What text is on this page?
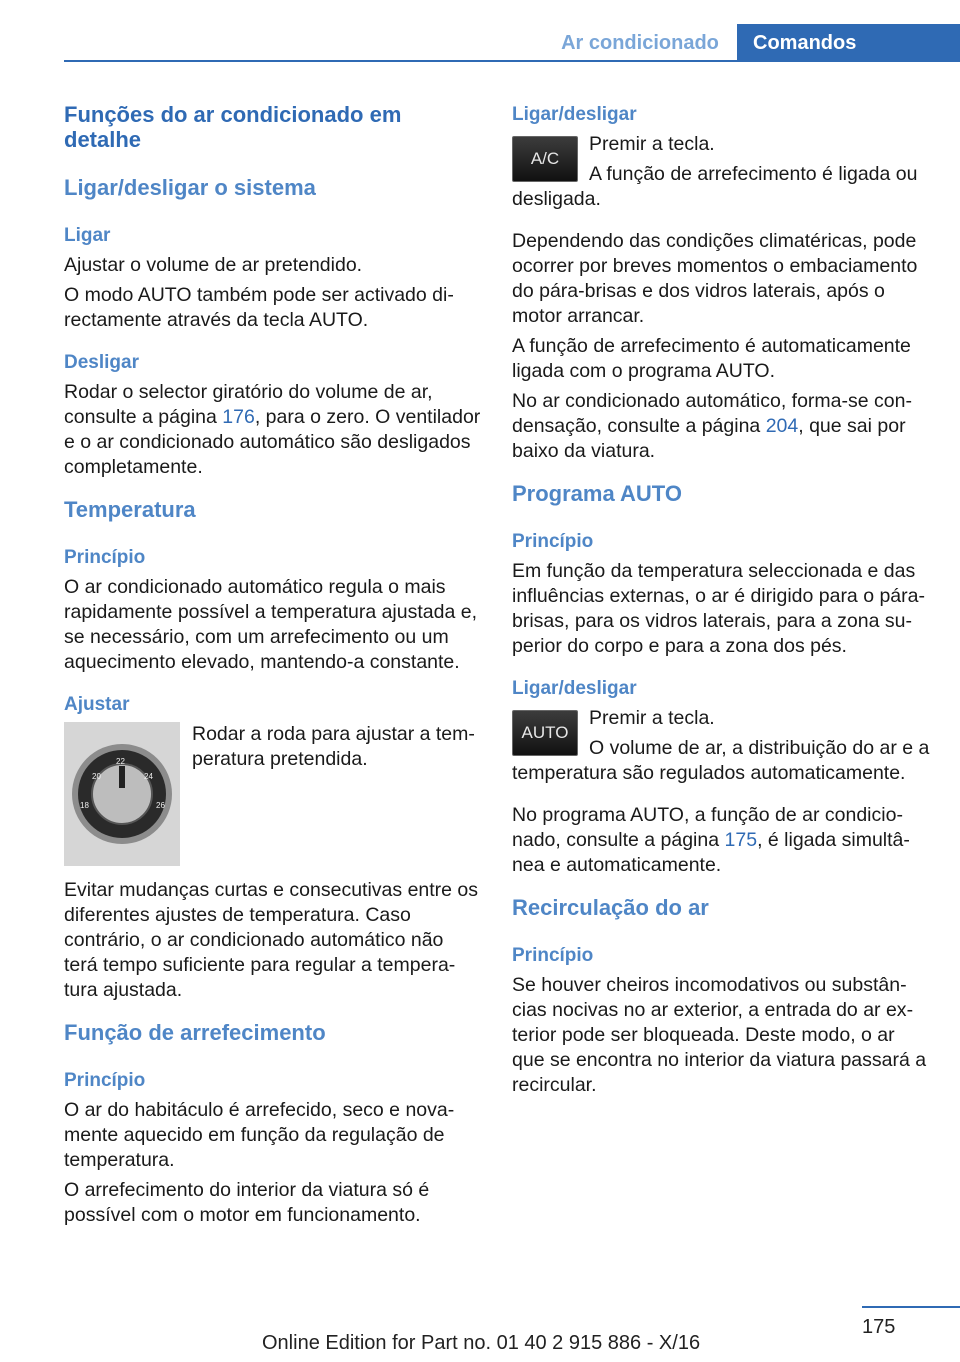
Ar condicionado	Comandos
Funções do ar condicionado em detalhe
Ligar/desligar o sistema
Ligar

Ajustar o volume de ar pretendido.

O modo AUTO também pode ser activado directamente através da tecla AUTO.

Desligar

Rodar o selector giratório do volume de ar, consulte a página 176, para o zero. O ventilador e o ar condicionado automático são desligados completamente.

Temperatura
Princípio

O ar condicionado automático regula o mais rapidamente possível a temperatura ajustada e, se necessário, com um arrefecimento ou um aquecimento elevado, mantendo-a constante.

Ajustar
20
22
24
18	26

Rodar a roda para ajustar a temperatura pretendida.

Evitar mudanças curtas e consecutivas entre os diferentes ajustes de temperatura. Caso contrário, o ar condicionado automático não terá tempo suficiente para regular a temperatura ajustada.

Função de arrefecimento
Princípio

O ar do habitáculo é arrefecido, seco e novamente aquecido em função da regulação de temperatura.

O arrefecimento do interior da viatura só é possível com o motor em funcionamento.

Ligar/desligar
A/C

Premir a tecla.

A função de arrefecimento é ligada ou desligada.

Dependendo das condições climatéricas, pode ocorrer por breves momentos o embaciamento do pára-brisas e dos vidros laterais, após o motor arrancar.

A função de arrefecimento é automaticamente ligada com o programa AUTO.

No ar condicionado automático, forma-se condensação, consulte a página 204, que sai por baixo da viatura.

Programa AUTO
Princípio

Em função da temperatura seleccionada e das influências externas, o ar é dirigido para o pára-brisas, para os vidros laterais, para a zona superior do corpo e para a zona dos pés.

Ligar/desligar
AUTO

Premir a tecla.

O volume de ar, a distribuição do ar e a temperatura são regulados automaticamente.

No programa AUTO, a função de ar condicionado, consulte a página 175, é ligada simultânea e automaticamente.

Recirculação do ar
Princípio

Se houver cheiros incomodativos ou substâncias nocivas no ar exterior, a entrada do ar exterior pode ser bloqueada. Deste modo, o ar que se encontra no interior da viatura passará a recircular.

175
Online Edition for Part no. 01 40 2 915 886 - X/16
